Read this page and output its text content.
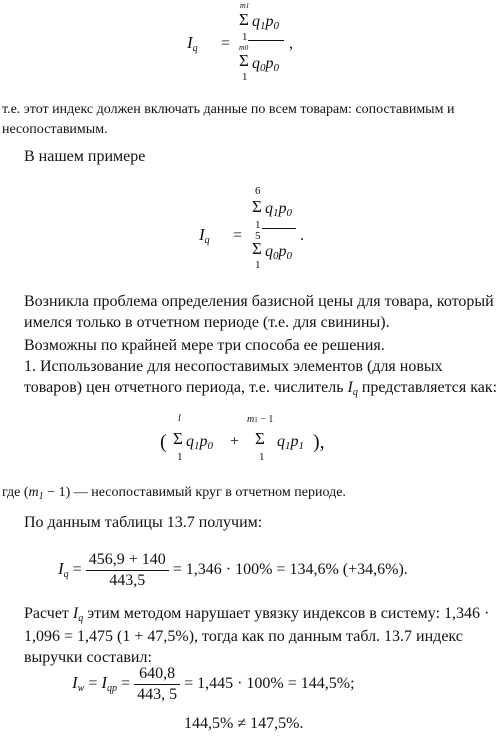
Iq =
m1
Σ q1p0
1
m0
Σ q0p0
1
,
т.е. этот индекс должен включать данные по всем товарам: сопоставимым и несопоставимым.
В нашем примере
Iq =
6
Σ q1p0
1
5
Σ q0p0
1
.
Возникла проблема определения базисной цены для товара, который имелся только в отчетном периоде (т.е. для свинины).
Возможны по крайней мере три способа ее решения.
1. Использование для несопоставимых элементов (для новых товаров) цен отчетного периода, т.е. числитель Iq представляется как:
(
l
Σ
1
q1p0 +
m1 − 1
Σ
1
q1p1 ),
где $(m_1 - 1)$ — несопоставимый круг в отчетном периоде.
По данным таблицы 13.7 получим:
$Iq = \frac{456,9 + 140}{443,5} = 1,346 \cdot 100\% = 134,6\%$ (+34,6%).
Расчет Iq этим методом нарушает увязку индексов в систему: 1,346 · 1,096 = 1,475 (1 + 47,5%), тогда как по данным табл. 13.7 индекс выручки составил:
Iw = Iqp = $\frac{640,8}{443, 5} = 1,445 \cdot 100\% = 144,5\%$;
144,5% ≠ 147,5%.
